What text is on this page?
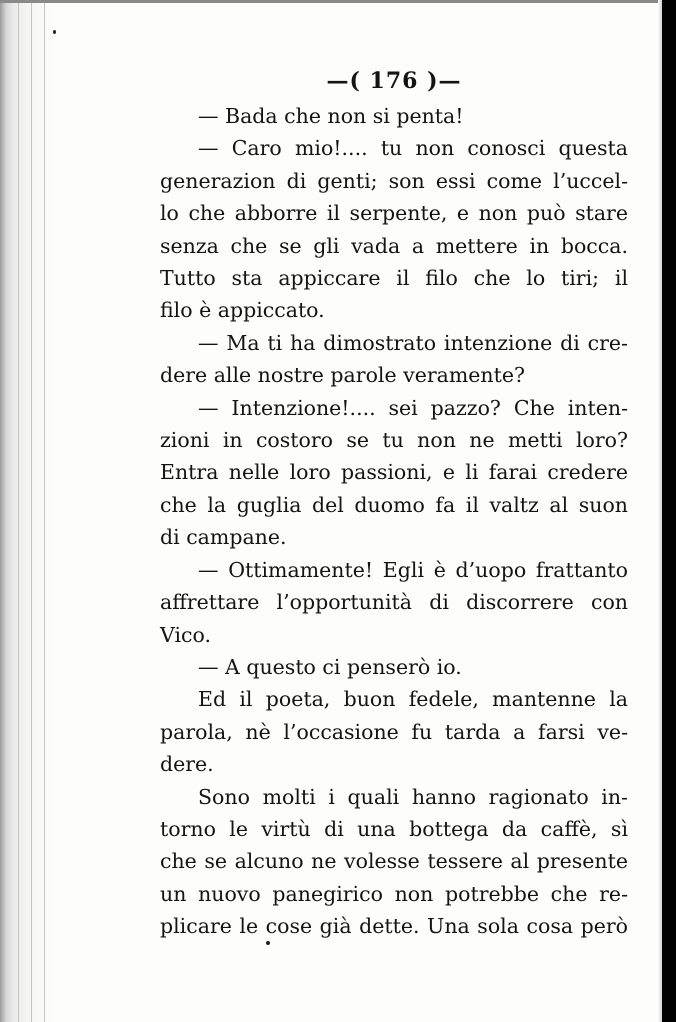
—( 176 )—
— Bada che non si penta!
— Caro mio!.... tu non conosci questa
generazion di genti; son essi come l’uccel-
lo che abborre il serpente, e non può stare
senza che se gli vada a mettere in bocca.
Tutto sta appiccare il filo che lo tiri; il
filo è appiccato.
— Ma ti ha dimostrato intenzione di cre-
dere alle nostre parole veramente?
— Intenzione!.... sei pazzo? Che inten-
zioni in costoro se tu non ne metti loro?
Entra nelle loro passioni, e li farai credere
che la guglia del duomo fa il valtz al suon
di campane.
— Ottimamente! Egli è d’uopo frattanto
affrettare l’opportunità di discorrere con
Vico.
— A questo ci penserò io.
Ed il poeta, buon fedele, mantenne la
parola, nè l’occasione fu tarda a farsi ve-
dere.
Sono molti i quali hanno ragionato in-
torno le virtù di una bottega da caffè, sì
che se alcuno ne volesse tessere al presente
un nuovo panegirico non potrebbe che re-
plicare le cose già dette. Una sola cosa però
